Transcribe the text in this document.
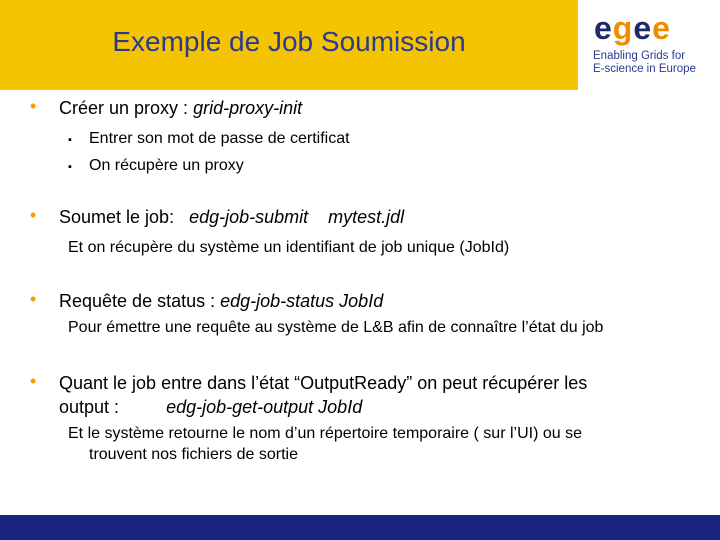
Exemple de Job Soumission	egee
Enabling Grids for
E-science in Europe
• Créer un proxy : grid-proxy-init
▪ Entrer son mot de passe de certificat
▪ On récupère un proxy
• Soumet le job: edg-job-submit mytest.jdl
Et on récupère du système un identifiant de job unique (JobId)
• Requête de status : edg-job-status JobId
Pour émettre une requête au système de L&B afin de connaître l’état du job
• Quant le job entre dans l’état “OutputReady” on peut récupérer les
output : edg-job-get-output JobId
Et le système retourne le nom d’un répertoire temporaire ( sur l’UI) ou se
trouvent nos fichiers de sortie
